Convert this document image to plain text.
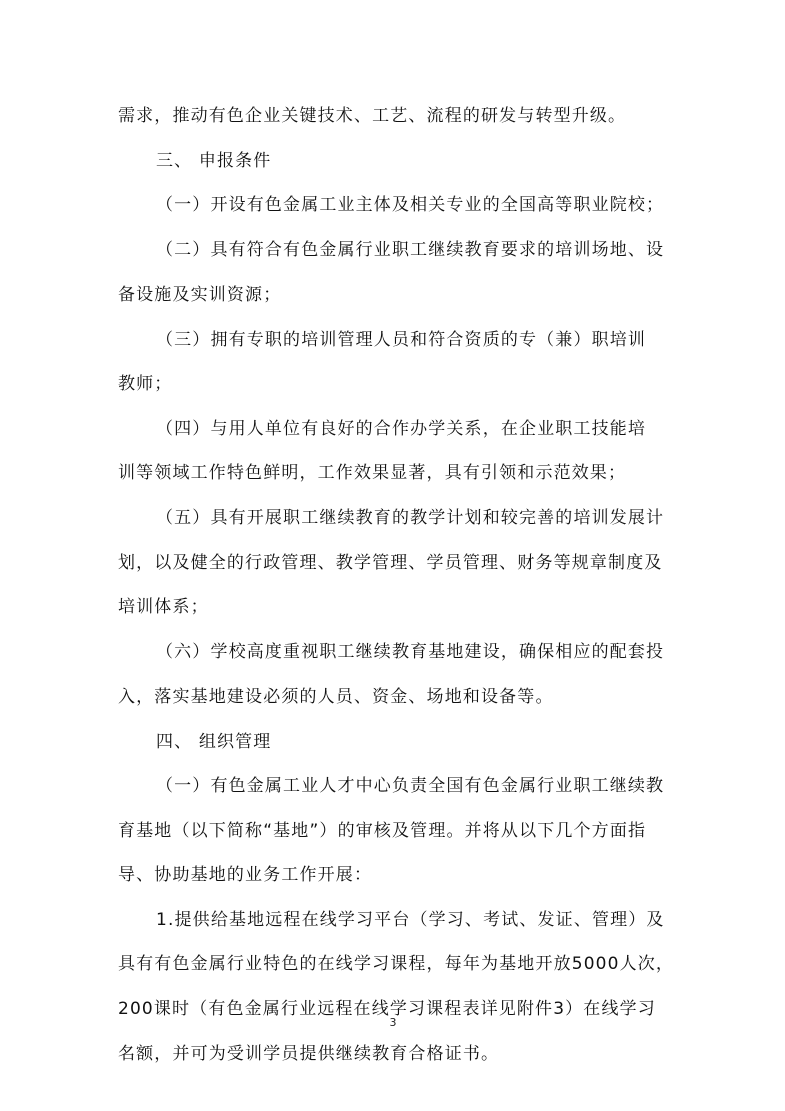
需求，推动有色企业关键技术、工艺、流程的研发与转型升级。
三、 申报条件
（一）开设有色金属工业主体及相关专业的全国高等职业院校；
（二）具有符合有色金属行业职工继续教育要求的培训场地、设
备设施及实训资源；
（三）拥有专职的培训管理人员和符合资质的专（兼）职培训
教师；
（四）与用人单位有良好的合作办学关系，在企业职工技能培
训等领域工作特色鲜明，工作效果显著，具有引领和示范效果；
（五）具有开展职工继续教育的教学计划和较完善的培训发展计
划，以及健全的行政管理、教学管理、学员管理、财务等规章制度及
培训体系；
（六）学校高度重视职工继续教育基地建设，确保相应的配套投
入，落实基地建设必须的人员、资金、场地和设备等。
四、 组织管理
（一）有色金属工业人才中心负责全国有色金属行业职工继续教
育基地（以下简称“基地”）的审核及管理。并将从以下几个方面指
导、协助基地的业务工作开展：
1.提供给基地远程在线学习平台（学习、考试、发证、管理）及
具有有色金属行业特色的在线学习课程，每年为基地开放5000人次，
200课时（有色金属行业远程在线学习课程表详见附件3）在线学习
名额，并可为受训学员提供继续教育合格证书。
3
